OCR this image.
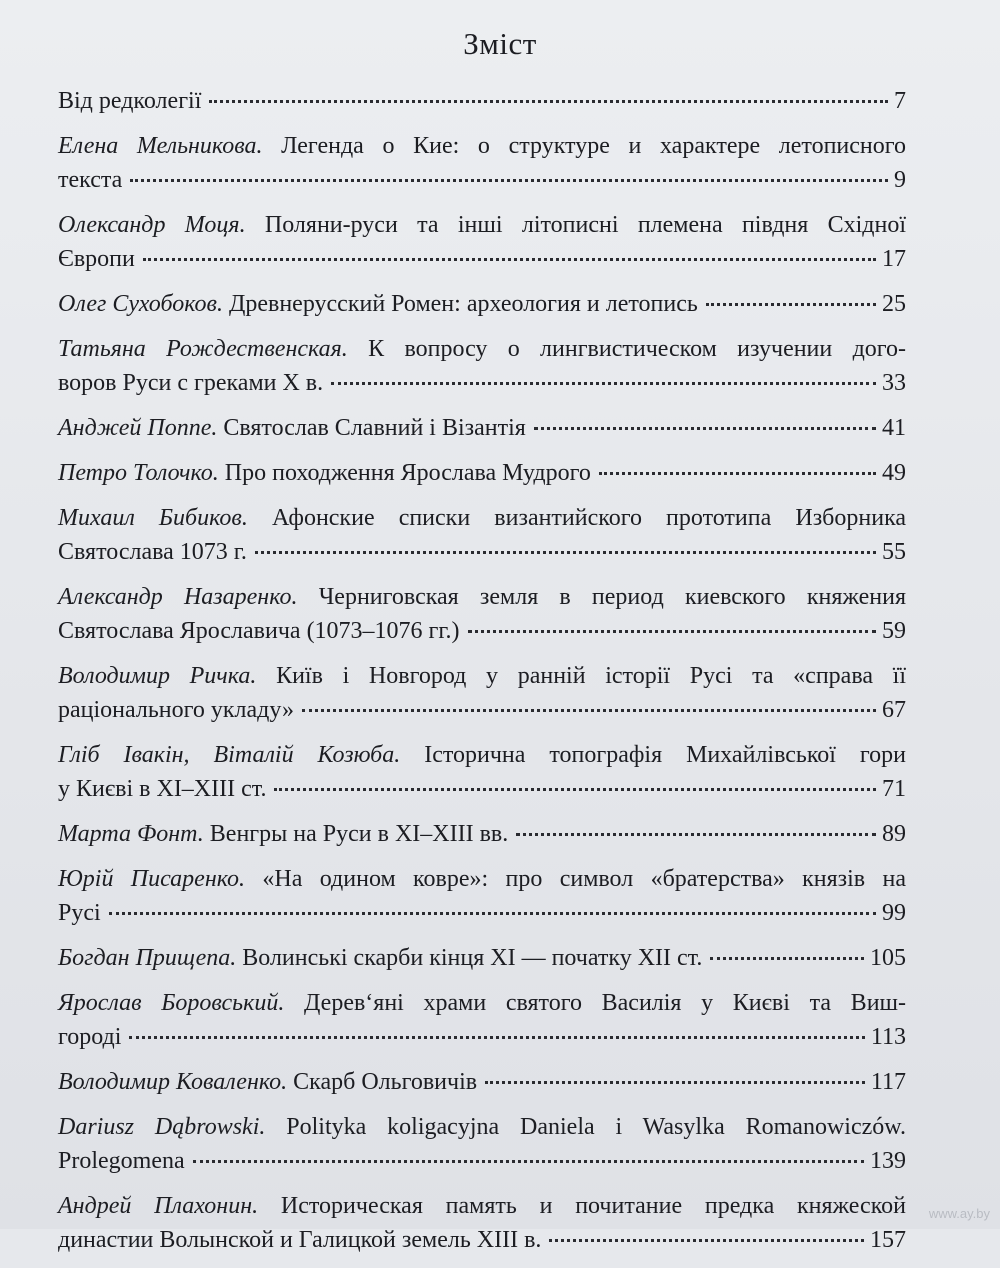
Зміст
Від редколегії	7
Елена Мельникова. Легенда о Кие: о структуре и характере летописного
текста	9
Олександр Моця. Поляни-руси та інші літописні племена півдня Східної
Європи	17
Олег Сухобоков. Древнерусский Ромен: археология и летопись	25
Татьяна Рождественская. К вопросу о лингвистическом изучении дого-
воров Руси с греками X в.	33
Анджей Поппе. Святослав Славний і Візантія	41
Петро Толочко. Про походження Ярослава Мудрого	49
Михаил Бибиков. Афонские списки византийского прототипа Изборника
Святослава 1073 г.	55
Александр Назаренко. Черниговская земля в период киевского княжения
Святослава Ярославича (1073–1076 гг.)	59
Володимир Ричка. Київ і Новгород у ранній історії Русі та «справа її
раціонального укладу»	67
Гліб Івакін, Віталій Козюба. Історична топографія Михайлівської гори
у Києві в XI–XIII ст.	71
Марта Фонт. Венгры на Руси в XI–XIII вв.	89
Юрій Писаренко. «На одином ковре»: про символ «братерства» князів на
Русі	99
Богдан Прищепа. Волинські скарби кінця XI — початку XII ст.	105
Ярослав Боровський. Дерев‘яні храми святого Василія у Києві та Виш-
городі	113
Володимир Коваленко. Скарб Ольговичів	117
Dariusz Dąbrowski. Polityka koligacyjna Daniela i Wasylka Romanowiczów.
Prolegomena	139
Андрей Плахонин. Историческая память и почитание предка княжеской
династии Волынской и Галицкой земель XIII в.	157
www.ay.by
